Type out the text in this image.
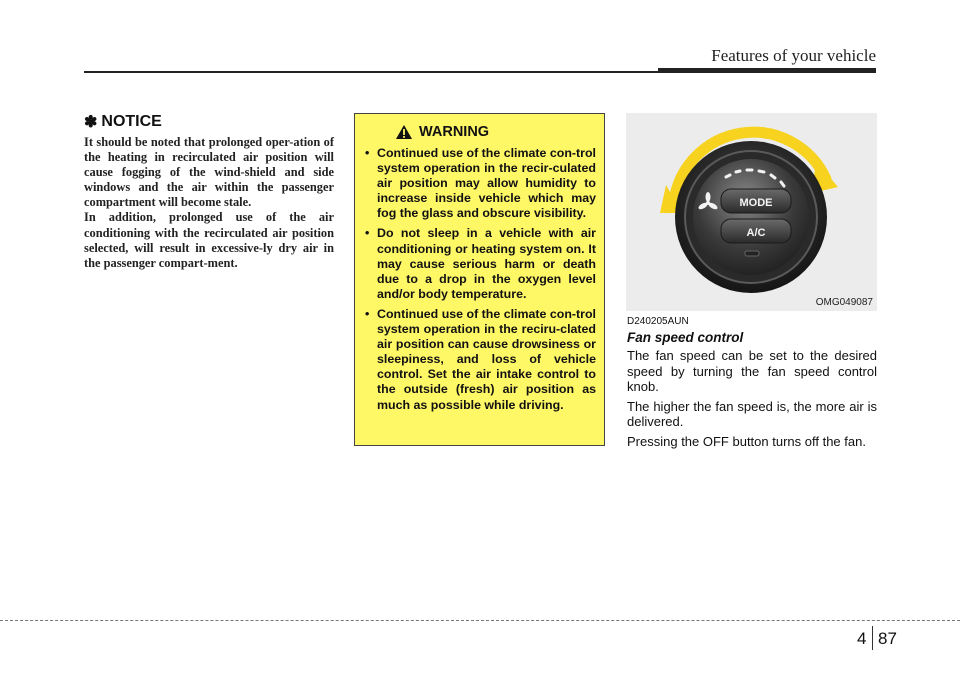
Features of your vehicle
✽ NOTICE

It should be noted that prolonged oper-ation of the heating in recirculated air position will cause fogging of the wind-shield and side windows and the air within the passenger compartment will become stale.

In addition, prolonged use of the air conditioning with the recirculated air position selected, will result in excessive-ly dry air in the passenger compart-ment.

WARNING
• Continued use of the climate con-trol system operation in the recir-culated air position may allow humidity to increase inside vehicle which may fog the glass and obscure visibility.
• Do not sleep in a vehicle with air conditioning or heating system on. It may cause serious harm or death due to a drop in the oxygen level and/or body temperature.
• Continued use of the climate con-trol system operation in the reciru-clated air position can cause drowsiness or sleepiness, and loss of vehicle control. Set the air intake control to the outside (fresh) air position as much as possible while driving.
MODE
A/C
OMG049087
D240205AUN
Fan speed control

The fan speed can be set to the desired speed by turning the fan speed control knob.

The higher the fan speed is, the more air is delivered.

Pressing the OFF button turns off the fan.

4 87
